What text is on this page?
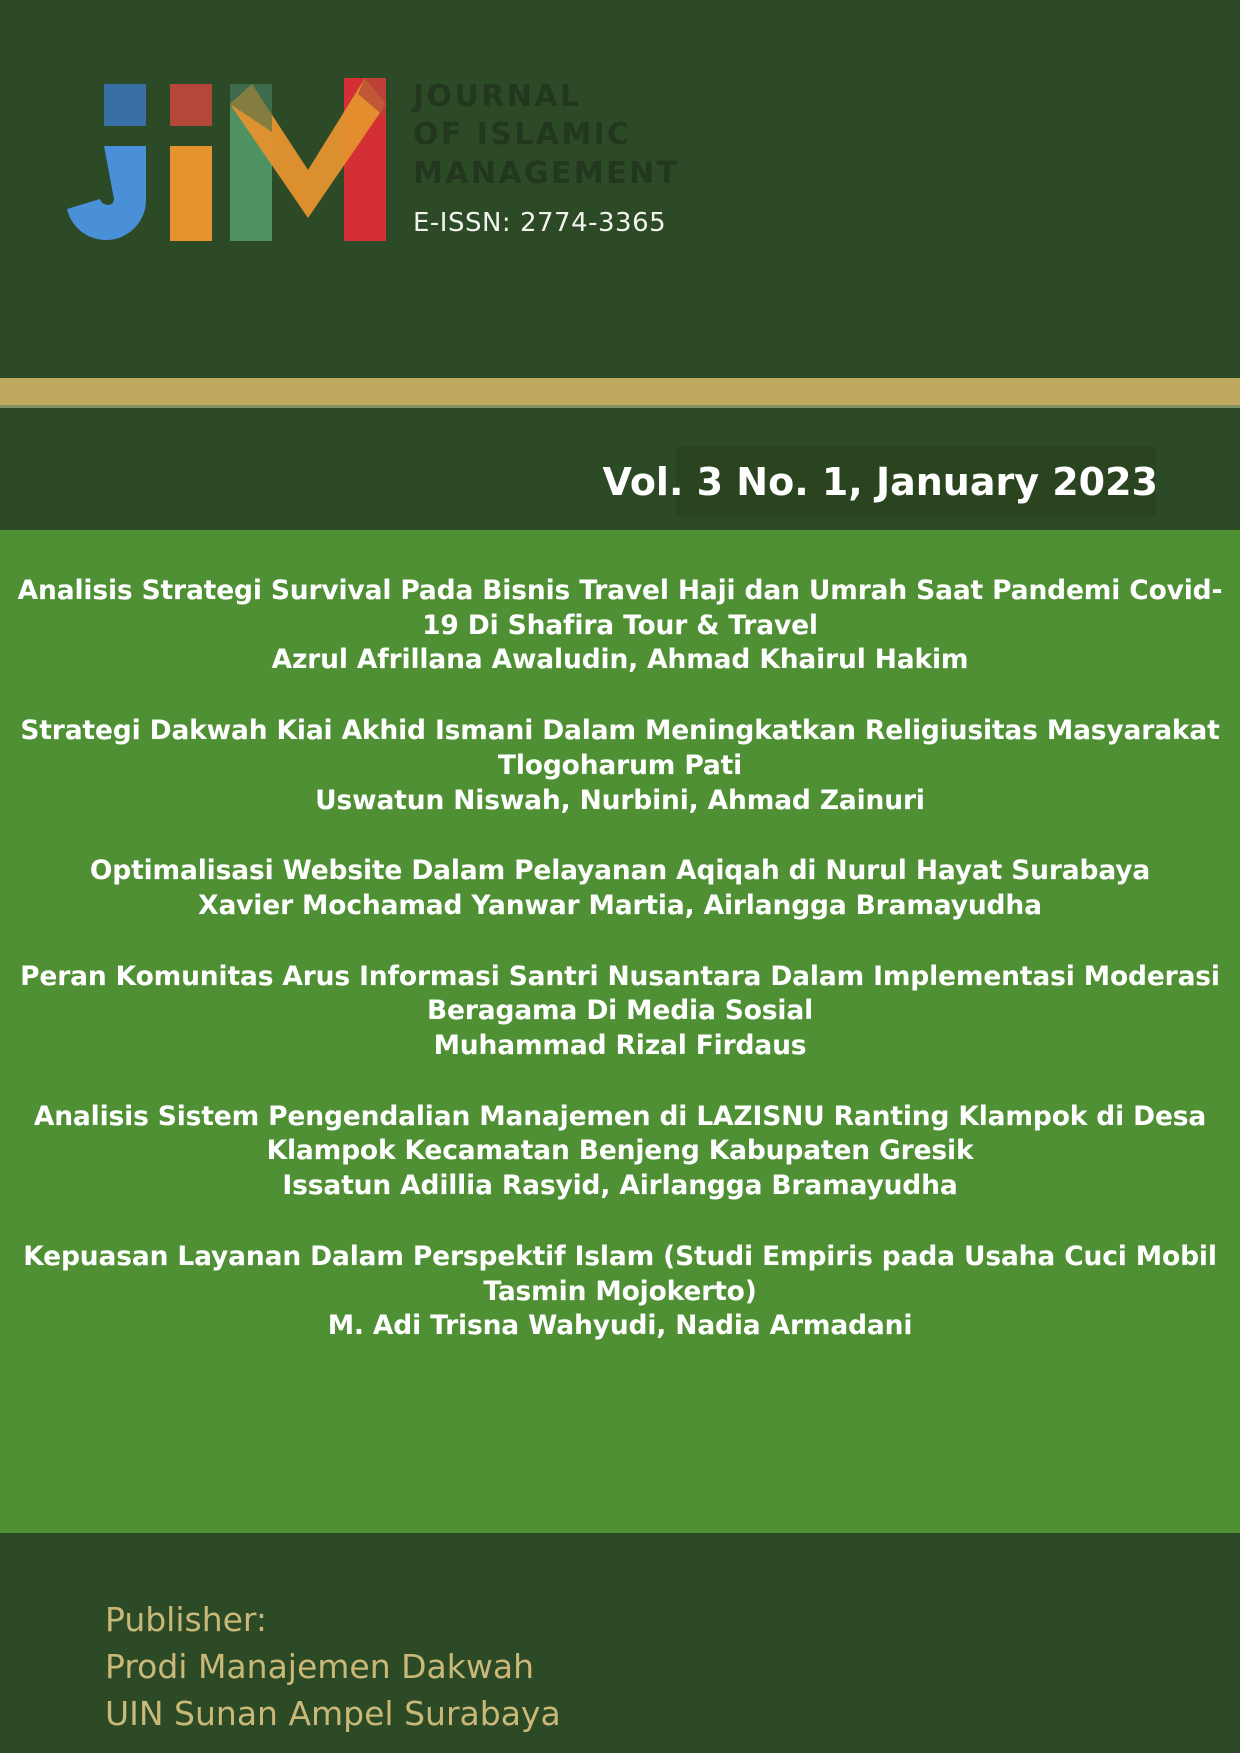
JOURNAL
OF ISLAMIC
MANAGEMENT
E-ISSN: 2774-3365
Vol. 3 No. 1, January 2023
Analisis Strategi Survival Pada Bisnis Travel Haji dan Umrah Saat Pandemi Covid-19 Di Shafira Tour & Travel
Azrul Afrillana Awaludin, Ahmad Khairul Hakim
Strategi Dakwah Kiai Akhid Ismani Dalam Meningkatkan Religiusitas Masyarakat Tlogoharum Pati
Uswatun Niswah, Nurbini, Ahmad Zainuri
Optimalisasi Website Dalam Pelayanan Aqiqah di Nurul Hayat Surabaya
Xavier Mochamad Yanwar Martia, Airlangga Bramayudha
Peran Komunitas Arus Informasi Santri Nusantara Dalam Implementasi Moderasi Beragama Di Media Sosial
Muhammad Rizal Firdaus
Analisis Sistem Pengendalian Manajemen di LAZISNU Ranting Klampok di Desa Klampok Kecamatan Benjeng Kabupaten Gresik
Issatun Adillia Rasyid, Airlangga Bramayudha
Kepuasan Layanan Dalam Perspektif Islam (Studi Empiris pada Usaha Cuci Mobil Tasmin Mojokerto)
M. Adi Trisna Wahyudi, Nadia Armadani
Publisher:
Prodi Manajemen Dakwah
UIN Sunan Ampel Surabaya
